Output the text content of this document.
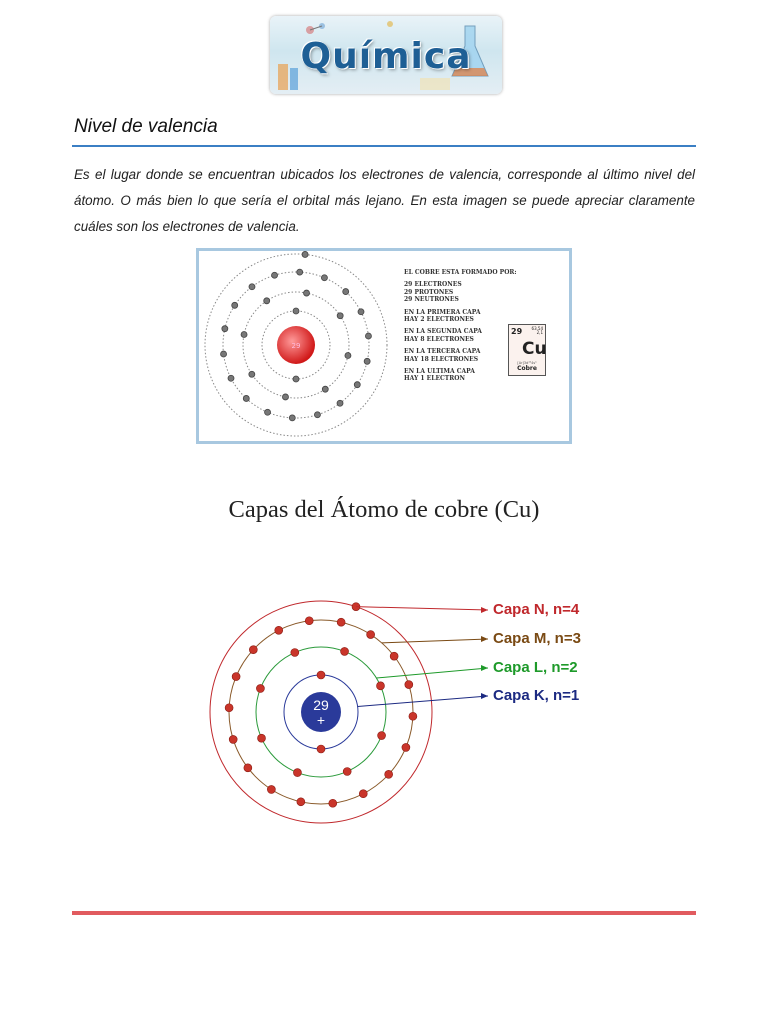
Química
Nivel de valencia
Es el lugar donde se encuentran ubicados los electrones de valencia, corresponde al último nivel del átomo. O más bien lo que sería el orbital más lejano. En esta imagen se puede apreciar claramente cuáles son los electrones de valencia.
29
EL COBRE ESTA FORMADO POR:
29 ELECTRONES
29 PROTONES
29 NEUTRONES
EN LA PRIMERA CAPA
HAY 2 ELECTRONES
EN LA SEGUNDA CAPA
HAY 8 ELECTRONES
EN LA TERCERA CAPA
HAY 18 ELECTRONES
EN LA ULTIMA CAPA
HAY 1 ELECTRON
29 63.54
2,1
Cu
[Ar]3d¹⁰4s¹
Cobre
Capas del Átomo de cobre (Cu)
29
+
Capa N, n=4
Capa M, n=3
Capa L, n=2
Capa K, n=1
